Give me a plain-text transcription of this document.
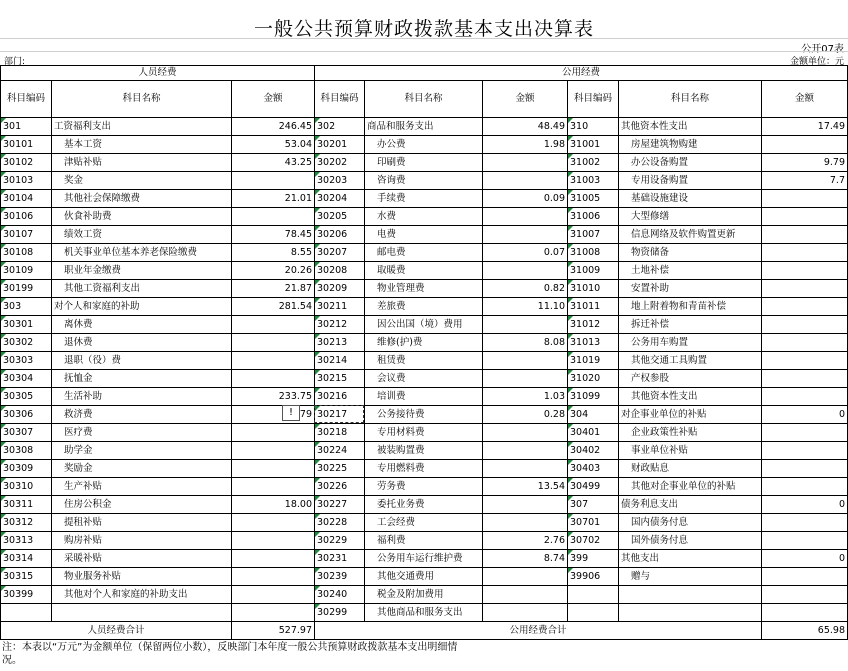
一般公共预算财政拨款基本支出决算表
公开07表
部门:	金额单位：元
人员经费			公用经费					
科目编码	科目名称	金额	科目编码	科目名称	金额	科目编码	科目名称	金额
301	工资福利支出	246.45	302	商品和服务支出	48.49	310	其他资本性支出	17.49
30101	基本工资	53.04	30201	办公费	1.98	31001	房屋建筑物购建	
30102	津贴补贴	43.25	30202	印刷费		31002	办公设备购置	9.79
30103	奖金		30203	咨询费		31003	专用设备购置	7.7
30104	其他社会保障缴费	21.01	30204	手续费	0.09	31005	基础设施建设	
30106	伙食补助费		30205	水费		31006	大型修缮	
30107	绩效工资	78.45	30206	电费		31007	信息网络及软件购置更新	
30108	机关事业单位基本养老保险缴费	8.55	30207	邮电费	0.07	31008	物资储备	
30109	职业年金缴费	20.26	30208	取暖费		31009	土地补偿	
30199	其他工资福利支出	21.87	30209	物业管理费	0.82	31010	安置补助	
303	对个人和家庭的补助	281.54	30211	差旅费	11.10	31011	地上附着物和青苗补偿	
30301	离休费		30212	因公出国（境）费用		31012	拆迁补偿	
30302	退休费		30213	维修(护)费	8.08	31013	公务用车购置	
30303	退职（役）费		30214	租赁费		31019	其他交通工具购置	
30304	抚恤金		30215	会议费		31020	产权参股	
30305	生活补助	233.75	30216	培训费	1.03	31099	其他资本性支出	
30306	救济费	79	30217	公务接待费	0.28	304	对企事业单位的补贴	0
30307	医疗费		30218	专用材料费		30401	企业政策性补贴	
30308	助学金		30224	被装购置费		30402	事业单位补贴	
30309	奖励金		30225	专用燃料费		30403	财政贴息	
30310	生产补贴		30226	劳务费	13.54	30499	其他对企事业单位的补贴	
30311	住房公积金	18.00	30227	委托业务费		307	债务利息支出	0
30312	提租补贴		30228	工会经费		30701	国内债务付息	
30313	购房补贴		30229	福利费	2.76	30702	国外债务付息	
30314	采暖补贴		30231	公务用车运行维护费	8.74	399	其他支出	0
30315	物业服务补贴		30239	其他交通费用		39906	赠与	
30399	其他对个人和家庭的补助支出		30240	税金及附加费用				
			30299	其他商品和服务支出				
人员经费合计		527.97	公用经费合计					65.98
!
注：本表以“万元”为金额单位（保留两位小数），反映部门本年度一般公共预算财政拨款基本支出明细情况。
